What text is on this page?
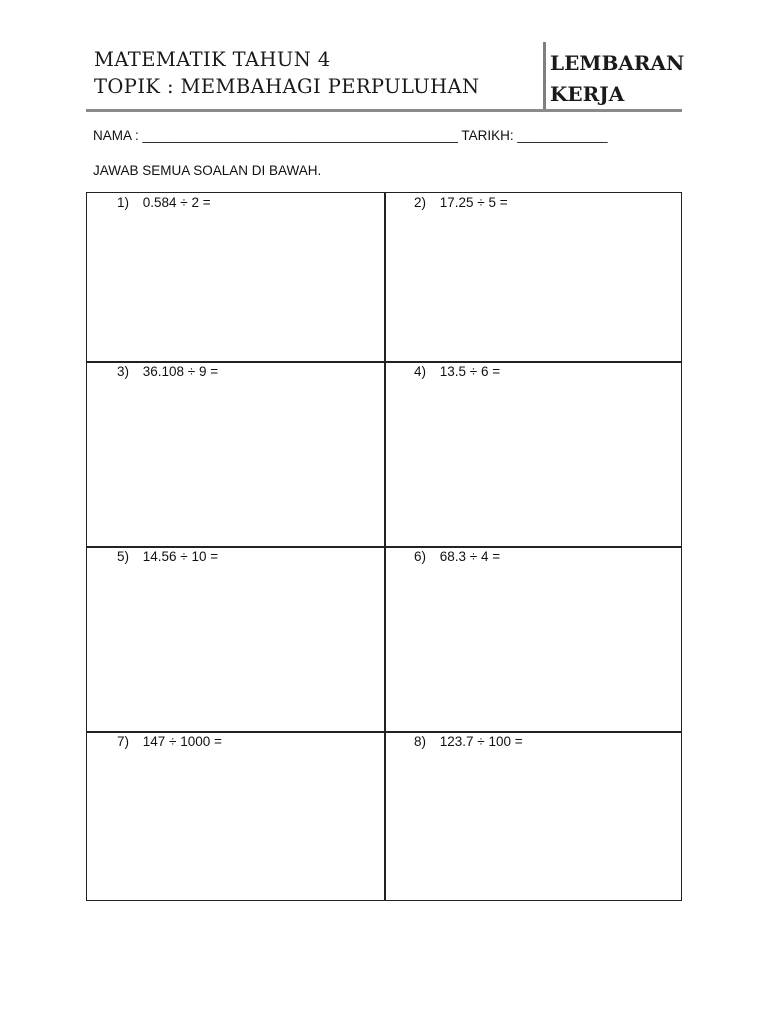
MATEMATIK TAHUN 4
TOPIK : MEMBAHAGI PERPULUHAN
LEMBARAN
KERJA
NAMA : __________________________________________ TARIKH: ____________
JAWAB SEMUA SOALAN DI BAWAH.
1) 0.584 ÷ 2 =	2) 17.25 ÷ 5 =
3) 36.108 ÷ 9 =	4) 13.5 ÷ 6 =
5) 14.56 ÷ 10 =	6) 68.3 ÷ 4 =
7) 147 ÷ 1000 =	8) 123.7 ÷ 100 =
